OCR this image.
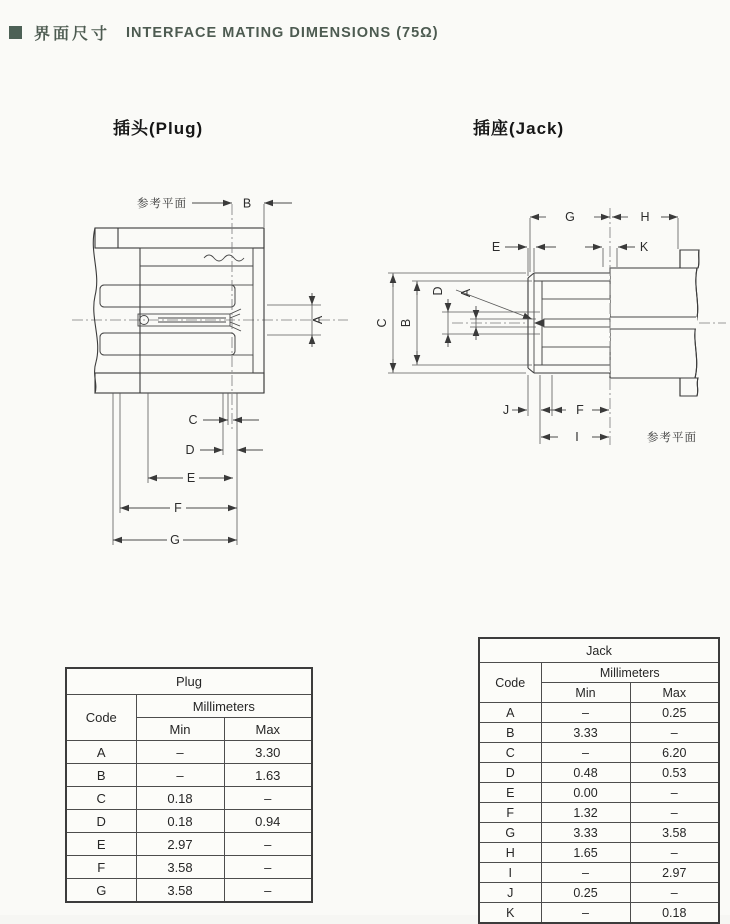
界面尺寸 INTERFACE MATING DIMENSIONS (75Ω)
插头(Plug)	插座(Jack)
参考平面	B
A
C
D
E
F
G
C B
D A
G	H
E	K
J	F
I	参考平面
Plug		
Code	Millimeters	
	Min	Max
A	–	3.30
B	–	1.63
C	0.18	–
D	0.18	0.94
E	2.97	–
F	3.58	–
G	3.58	–
Jack		
Code	Millimeters	
	Min	Max
A	–	0.25
B	3.33	–
C	–	6.20
D	0.48	0.53
E	0.00	–
F	1.32	–
G	3.33	3.58
H	1.65	–
I	–	2.97
J	0.25	–
K	–	0.18
